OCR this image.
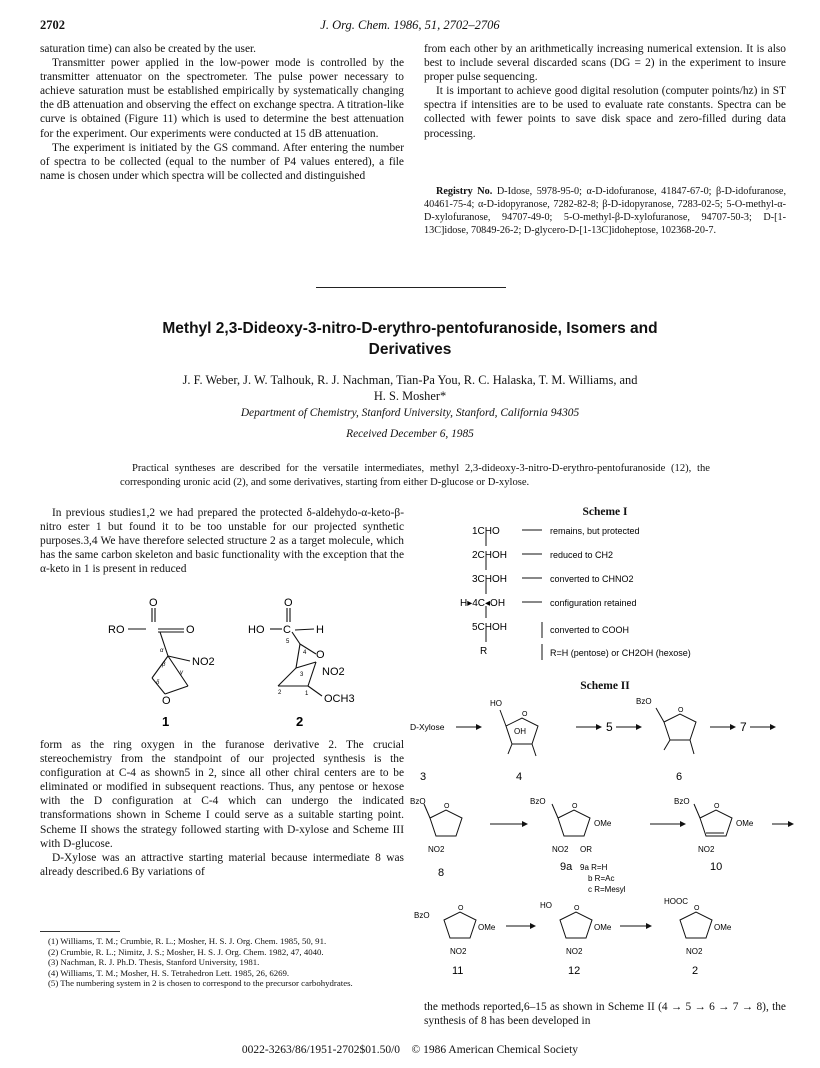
2702	J. Org. Chem. 1986, 51, 2702–2706

saturation time) can also be created by the user.

Transmitter power applied in the low-power mode is controlled by the transmitter attenuator on the spectrometer. The pulse power necessary to achieve saturation must be established empirically by systematically changing the dB attenuation and observing the effect on exchange spectra. A titration-like curve is obtained (Figure 11) which is used to determine the best attenuation for the experiment. Our experiments were conducted at 15 dB attenuation.

The experiment is initiated by the GS command. After entering the number of spectra to be collected (equal to the number of P4 values entered), a file name is chosen under which spectra will be collected and distinguished

from each other by an arithmetically increasing numerical extension. It is also best to include several discarded scans (DG = 2) in the experiment to insure proper pulse sequencing.

It is important to achieve good digital resolution (computer points/hz) in ST spectra if intensities are to be used to evaluate rate constants. Spectra can be collected with fewer points to save disk space and zero-filled during data processing.

Registry No. D-Idose, 5978-95-0; α-D-idofuranose, 41847-67-0; β-D-idofuranose, 40461-75-4; α-D-idopyranose, 7282-82-8; β-D-idopyranose, 7283-02-5; 5-O-methyl-α-D-xylofuranose, 94707-49-0; 5-O-methyl-β-D-xylofuranose, 94707-50-3; D-[1-13C]idose, 70849-26-2; D-glycero-D-[1-13C]idoheptose, 102368-20-7.
Methyl 2,3-Dideoxy-3-nitro-D-erythro-pentofuranoside, Isomers and
Derivatives
J. F. Weber, J. W. Talhouk, R. J. Nachman, Tian-Pa You, R. C. Halaska, T. M. Williams, and
H. S. Mosher*
Department of Chemistry, Stanford University, Stanford, California 94305
Received December 6, 1985
Practical syntheses are described for the versatile intermediates, methyl 2,3-dideoxy-3-nitro-D-erythro-pentofuranoside (12), the corresponding uronic acid (2), and some derivatives, starting from either D-glucose or D-xylose.

In previous studies1,2 we had prepared the protected δ-aldehydo-α-keto-β-nitro ester 1 but found it to be too unstable for our projected synthetic purposes.3,4 We have therefore selected structure 2 as a target molecule, which has the same carbon skeleton and basic functionality with the exception that the α-keto in 1 is present in reduced

O
RO	O
NO2
α
β
γ
δ
O
1
O
HO C H
O
NO2
OCH3
5
4
3
2	1
2

form as the ring oxygen in the furanose derivative 2. The crucial stereochemistry from the standpoint of our projected synthesis is the configuration at C-4 as shown5 in 2, since all other chiral centers are to be eliminated or modified in subsequent reactions. Thus, any pentose or hexose with the D configuration at C-4 which can undergo the indicated transformations shown in Scheme I could serve as a suitable starting point. Scheme II shows the strategy followed starting with D-xylose and Scheme III with D-glucose.

D-Xylose was an attractive starting material because intermediate 8 was already described.6 By variations of

(1) Williams, T. M.; Crumbie, R. L.; Mosher, H. S. J. Org. Chem. 1985, 50, 91.
(2) Crumbie, R. L.; Nimitz, J. S.; Mosher, H. S. J. Org. Chem. 1982, 47, 4040.
(3) Nachman, R. J. Ph.D. Thesis, Stanford University, 1981.
(4) Williams, T. M.; Mosher, H. S. Tetrahedron Lett. 1985, 26, 6269.
(5) The numbering system in 2 is chosen to correspond to the precursor carbohydrates.
Scheme I
1CHO	remains, but protected
2CHOH	reduced to CH2
3CHOH	converted to CHNO2
H▸4C◂OH	configuration retained
5CHOH	converted to COOH
R	R=H (pentose) or CH2OH (hexose)
Scheme II
D-Xylose
HO
OH
O
5
BzO
O
7
3	4	6
BzO
O
NO2
BzO
O
OMe
NO2 OR
BzO
O
OMe
NO2
8	9a 9a R=H
b R=Ac
c R=Mesyl
10
BzO
O
OMe
NO2
HO	O
OMe
NO2
HOOC
O
OMe
NO2
11	12	2

the methods reported,6–15 as shown in Scheme II (4 → 5 → 6 → 7 → 8), the synthesis of 8 has been developed in

0022-3263/86/1951-2702$01.50/0 © 1986 American Chemical Society
